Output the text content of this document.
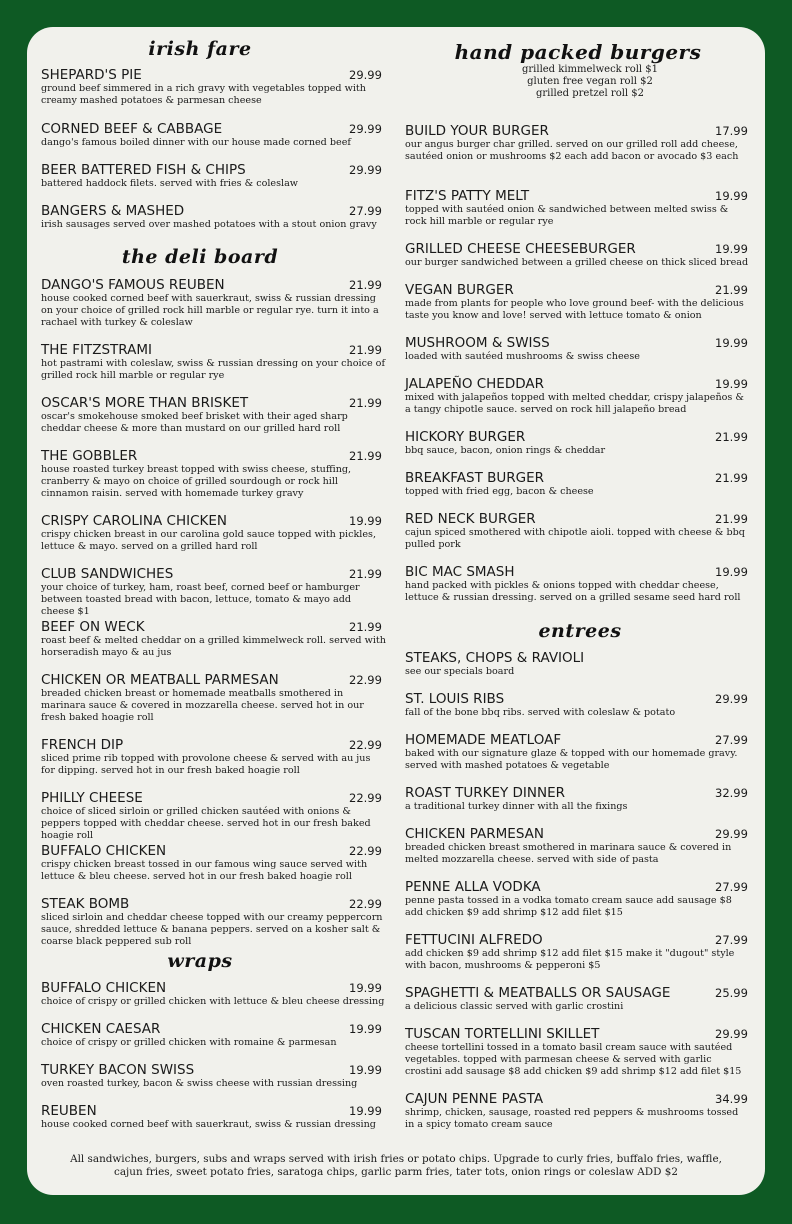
irish fare
the deli board
wraps
hand packed burgers
entrees
grilled kimmelweck roll $1
gluten free vegan roll $2
grilled pretzel roll $2
SHEPARD'S PIE	29.99
ground beef simmered in a rich gravy with vegetables topped with creamy mashed potatoes & parmesan cheese
CORNED BEEF & CABBAGE	29.99
dango's famous boiled dinner with our house made corned beef
BEER BATTERED FISH & CHIPS	29.99
battered haddock filets. served with fries & coleslaw
BANGERS & MASHED	27.99
irish sausages served over mashed potatoes with a stout onion gravy
DANGO'S FAMOUS REUBEN	21.99
house cooked corned beef with sauerkraut, swiss & russian dressing on your choice of grilled rock hill marble or regular rye. turn it into a rachael with turkey & coleslaw
THE FITZSTRAMI	21.99
hot pastrami with coleslaw, swiss & russian dressing on your choice of grilled rock hill marble or regular rye
OSCAR'S MORE THAN BRISKET	21.99
oscar's smokehouse smoked beef brisket with their aged sharp cheddar cheese & more than mustard on our grilled hard roll
THE GOBBLER	21.99
house roasted turkey breast topped with swiss cheese, stuffing, cranberry & mayo on choice of grilled sourdough or rock hill cinnamon raisin. served with homemade turkey gravy
CRISPY CAROLINA CHICKEN	19.99
crispy chicken breast in our carolina gold sauce topped with pickles, lettuce & mayo. served on a grilled hard roll
CLUB SANDWICHES	21.99
your choice of turkey, ham, roast beef, corned beef or hamburger between toasted bread with bacon, lettuce, tomato & mayo add cheese $1
BEEF ON WECK	21.99
roast beef & melted cheddar on a grilled kimmelweck roll. served with horseradish mayo & au jus
CHICKEN OR MEATBALL PARMESAN	22.99
breaded chicken breast or homemade meatballs smothered in marinara sauce & covered in mozzarella cheese. served hot in our fresh baked hoagie roll
FRENCH DIP	22.99
sliced prime rib topped with provolone cheese & served with au jus for dipping. served hot in our fresh baked hoagie roll
PHILLY CHEESE	22.99
choice of sliced sirloin or grilled chicken sautéed with onions & peppers topped with cheddar cheese. served hot in our fresh baked hoagie roll
BUFFALO CHICKEN	22.99
crispy chicken breast tossed in our famous wing sauce served with lettuce & bleu cheese. served hot in our fresh baked hoagie roll
STEAK BOMB	22.99
sliced sirloin and cheddar cheese topped with our creamy peppercorn sauce, shredded lettuce & banana peppers. served on a kosher salt & coarse black peppered sub roll
BUFFALO CHICKEN	19.99
choice of crispy or grilled chicken with lettuce & bleu cheese dressing
CHICKEN CAESAR	19.99
choice of crispy or grilled chicken with romaine & parmesan
TURKEY BACON SWISS	19.99
oven roasted turkey, bacon & swiss cheese with russian dressing
REUBEN	19.99
house cooked corned beef with sauerkraut, swiss & russian dressing
BUILD YOUR BURGER	17.99
our angus burger char grilled. served on our grilled roll add cheese, sautéed onion or mushrooms $2 each add bacon or avocado $3 each
FITZ'S PATTY MELT	19.99
topped with sautéed onion & sandwiched between melted swiss & rock hill marble or regular rye
GRILLED CHEESE CHEESEBURGER	19.99
our burger sandwiched between a grilled cheese on thick sliced bread
VEGAN BURGER	21.99
made from plants for people who love ground beef- with the delicious taste you know and love! served with lettuce tomato & onion
MUSHROOM & SWISS	19.99
loaded with sautéed mushrooms & swiss cheese
JALAPEÑO CHEDDAR	19.99
mixed with jalapeños topped with melted cheddar, crispy jalapeños & a tangy chipotle sauce. served on rock hill jalapeño bread
HICKORY BURGER	21.99
bbq sauce, bacon, onion rings & cheddar
BREAKFAST BURGER	21.99
topped with fried egg, bacon & cheese
RED NECK BURGER	21.99
cajun spiced smothered with chipotle aioli. topped with cheese & bbq pulled pork
BIC MAC SMASH	19.99
hand packed with pickles & onions topped with cheddar cheese, lettuce & russian dressing. served on a grilled sesame seed hard roll
STEAKS, CHOPS & RAVIOLI
see our specials board
ST. LOUIS RIBS	29.99
fall of the bone bbq ribs. served with coleslaw & potato
HOMEMADE MEATLOAF	27.99
baked with our signature glaze & topped with our homemade gravy. served with mashed potatoes & vegetable
ROAST TURKEY DINNER	32.99
a traditional turkey dinner with all the fixings
CHICKEN PARMESAN	29.99
breaded chicken breast smothered in marinara sauce & covered in melted mozzarella cheese. served with side of pasta
PENNE ALLA VODKA	27.99
penne pasta tossed in a vodka tomato cream sauce add sausage $8 add chicken $9 add shrimp $12 add filet $15
FETTUCINI ALFREDO	27.99
add chicken $9 add shrimp $12 add filet $15 make it "dugout" style with bacon, mushrooms & pepperoni $5
SPAGHETTI & MEATBALLS OR SAUSAGE	25.99
a delicious classic served with garlic crostini
TUSCAN TORTELLINI SKILLET	29.99
cheese tortellini tossed in a tomato basil cream sauce with sautéed vegetables. topped with parmesan cheese & served with garlic crostini add sausage $8 add chicken $9 add shrimp $12 add filet $15
CAJUN PENNE PASTA	34.99
shrimp, chicken, sausage, roasted red peppers & mushrooms tossed in a spicy tomato cream sauce
All sandwiches, burgers, subs and wraps served with irish fries or potato chips. Upgrade to curly fries, buffalo fries, waffle, cajun fries, sweet potato fries, saratoga chips, garlic parm fries, tater tots, onion rings or coleslaw ADD $2
